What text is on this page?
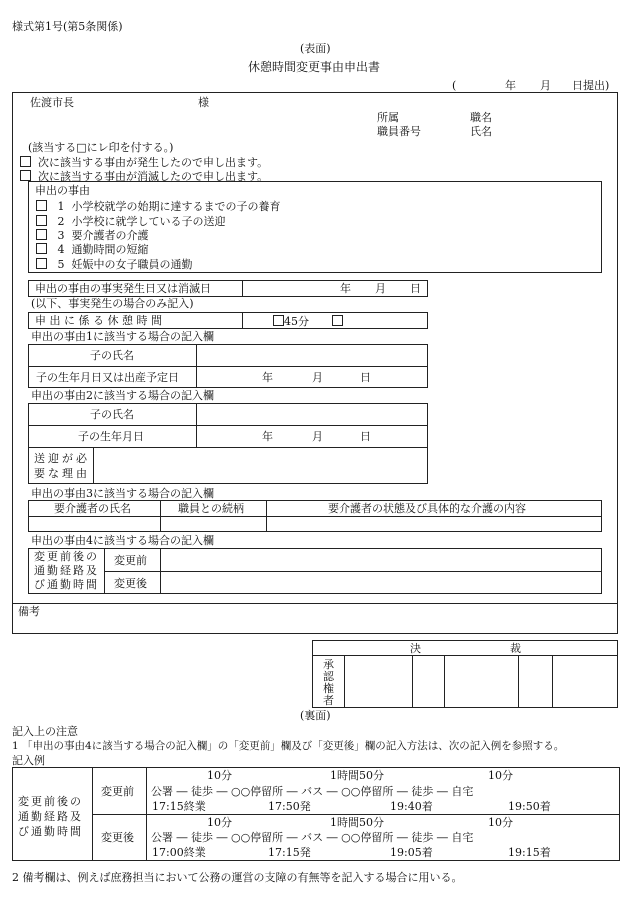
様式第1号(第5条関係)
(表面)
休憩時間変更事由申出書
(	年 月 日提出)
佐渡市長	様
所属	職名
職員番号	氏名
(該当する□にレ印を付する。)
次に該当する事由が発生したので申し出ます。
次に該当する事由が消滅したので申し出ます。
申出の事由
1 小学校就学の始期に達するまでの子の養育
2 小学校に就学している子の送迎
3 要介護者の介護
4 通勤時間の短縮
5 妊娠中の女子職員の通勤
申出の事由の事実発生日又は消滅日	年 月 日
(以下、事実発生の場合のみ記入)
申 出 に 係 る 休 憩 時 間	45分
申出の事由1に該当する場合の記入欄
子の氏名
子の生年月日又は出産予定日	年	月	日
申出の事由2に該当する場合の記入欄
子の氏名
子の生年月日	年	月	日
送迎が必
要な理由
申出の事由3に該当する場合の記入欄
要介護者の氏名	職員との続柄	要介護者の状態及び具体的な介護の内容
申出の事由4に該当する場合の記入欄
変更前後の
通勤経路及
び通勤時間
変更前
変更後
備考
決	裁
承
認
権
者
(裏面)
記入上の注意
1 「申出の事由4に該当する場合の記入欄」の「変更前」欄及び「変更後」欄の記入方法は、次の記入例を参照する。
記入例
変更前後の
通勤経路及
び通勤時間
変更前
10分	1時間50分	10分
公署 ― 徒歩 ― ○○停留所 ― バス ― ○○停留所 ― 徒歩 ― 自宅
17:15終業	17:50発	19:40着	19:50着
変更後
10分	1時間50分	10分
公署 ― 徒歩 ― ○○停留所 ― バス ― ○○停留所 ― 徒歩 ― 自宅
17:00終業	17:15発	19:05着	19:15着
2 備考欄は、例えば庶務担当において公務の運営の支障の有無等を記入する場合に用いる。
